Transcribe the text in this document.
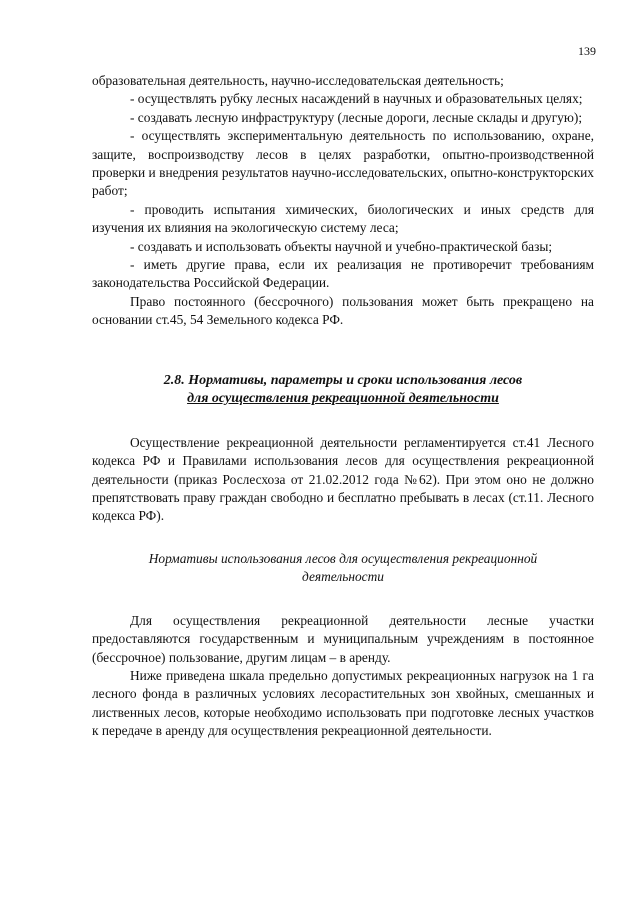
139

образовательная деятельность, научно-исследовательская деятельность;

- осуществлять рубку лесных насаждений в научных и образовательных целях;

- создавать лесную инфраструктуру (лесные дороги, лесные склады и другую);

- осуществлять экспериментальную деятельность по использованию, охране, защите, воспроизводству лесов в целях разработки, опытно-производственной проверки и внедрения результатов научно-исследовательских, опытно-конструкторских работ;

- проводить испытания химических, биологических и иных средств для изучения их влияния на экологическую систему леса;

- создавать и использовать объекты научной и учебно-практической базы;

- иметь другие права, если их реализация не противоречит требованиям законодательства Российской Федерации.

Право постоянного (бессрочного) пользования может быть прекращено на основании ст.45, 54 Земельного кодекса РФ.

2.8. Нормативы, параметры и сроки использования лесов
для осуществления рекреационной деятельности

Осуществление рекреационной деятельности регламентируется ст.41 Лесного кодекса РФ и Правилами использования лесов для осуществления рекреационной деятельности (приказ Рослесхоза от 21.02.2012 года №62). При этом оно не должно препятствовать праву граждан свободно и бесплатно пребывать в лесах (ст.11. Лесного кодекса РФ).

Нормативы использования лесов для осуществления рекреационной
деятельности

Для осуществления рекреационной деятельности лесные участки предоставляются государственным и муниципальным учреждениям в постоянное (бессрочное) пользование, другим лицам – в аренду.

Ниже приведена шкала предельно допустимых рекреационных нагрузок на 1 га лесного фонда в различных условиях лесорастительных зон хвойных, смешанных и лиственных лесов, которые необходимо использовать при подготовке лесных участков к передаче в аренду для осуществления рекреационной деятельности.
